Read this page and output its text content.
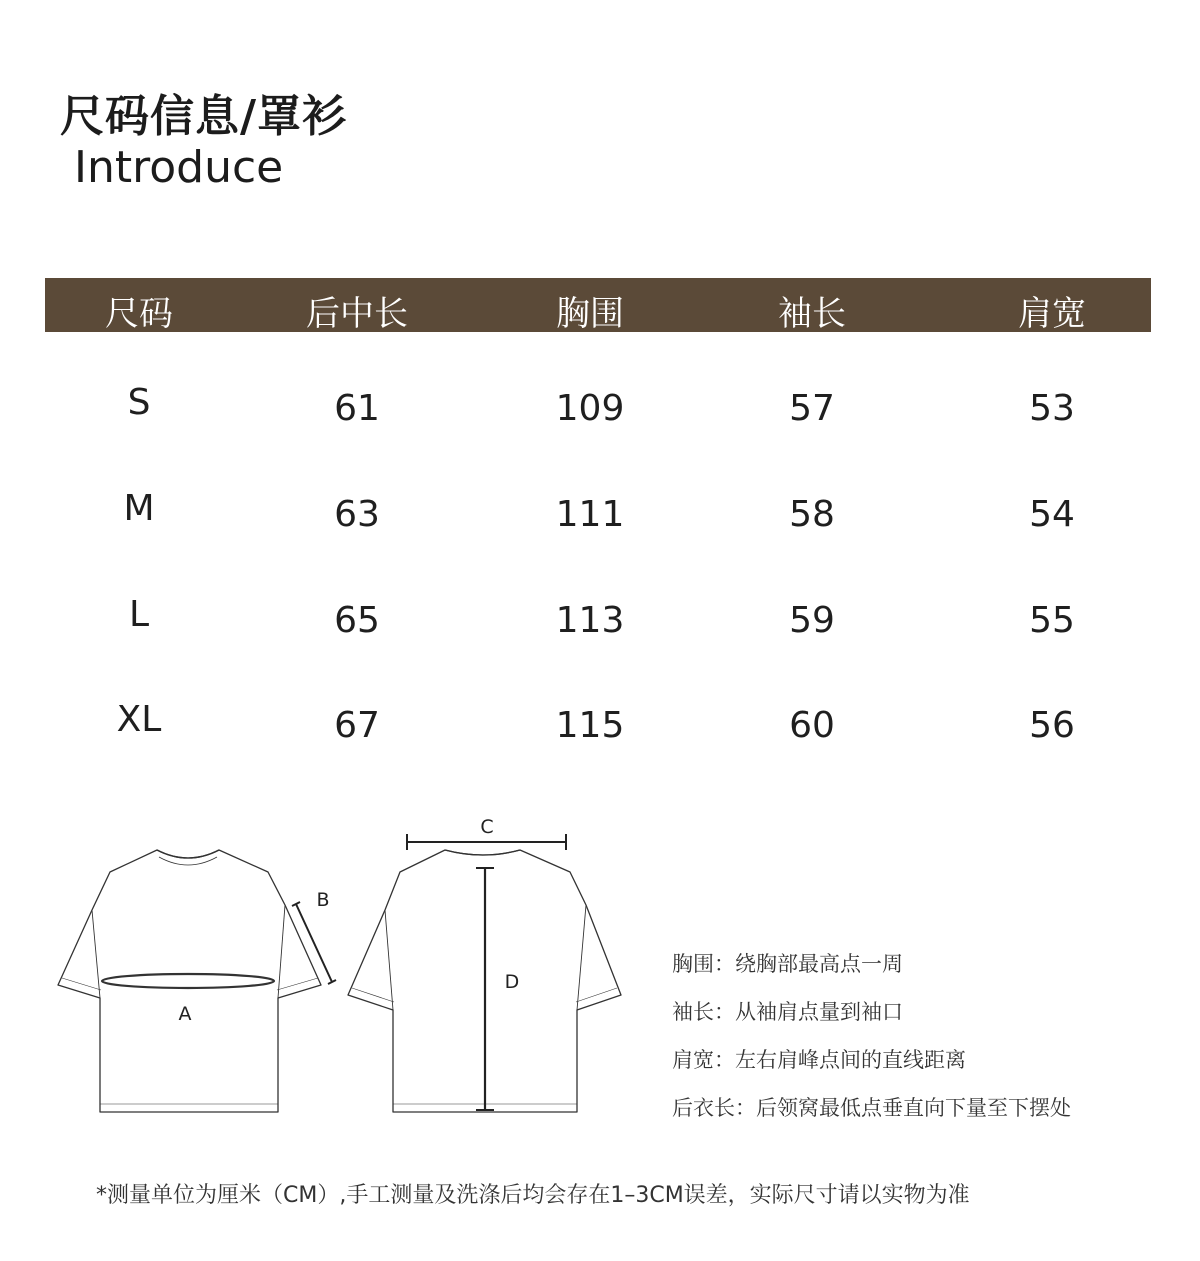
尺码信息/罩衫
Introduce
尺码	后中长	胸围	袖长	肩宽
S	61	109	57	53
M	63	111	58	54
L	65	113	59	55
XL	67	115	60	56
A
B
C
D
胸围：绕胸部最高点一周
袖长：从袖肩点量到袖口
肩宽：左右肩峰点间的直线距离
后衣长：后领窝最低点垂直向下量至下摆处
*测量单位为厘米（CM）,手工测量及洗涤后均会存在1–3CM误差，实际尺寸请以实物为准
